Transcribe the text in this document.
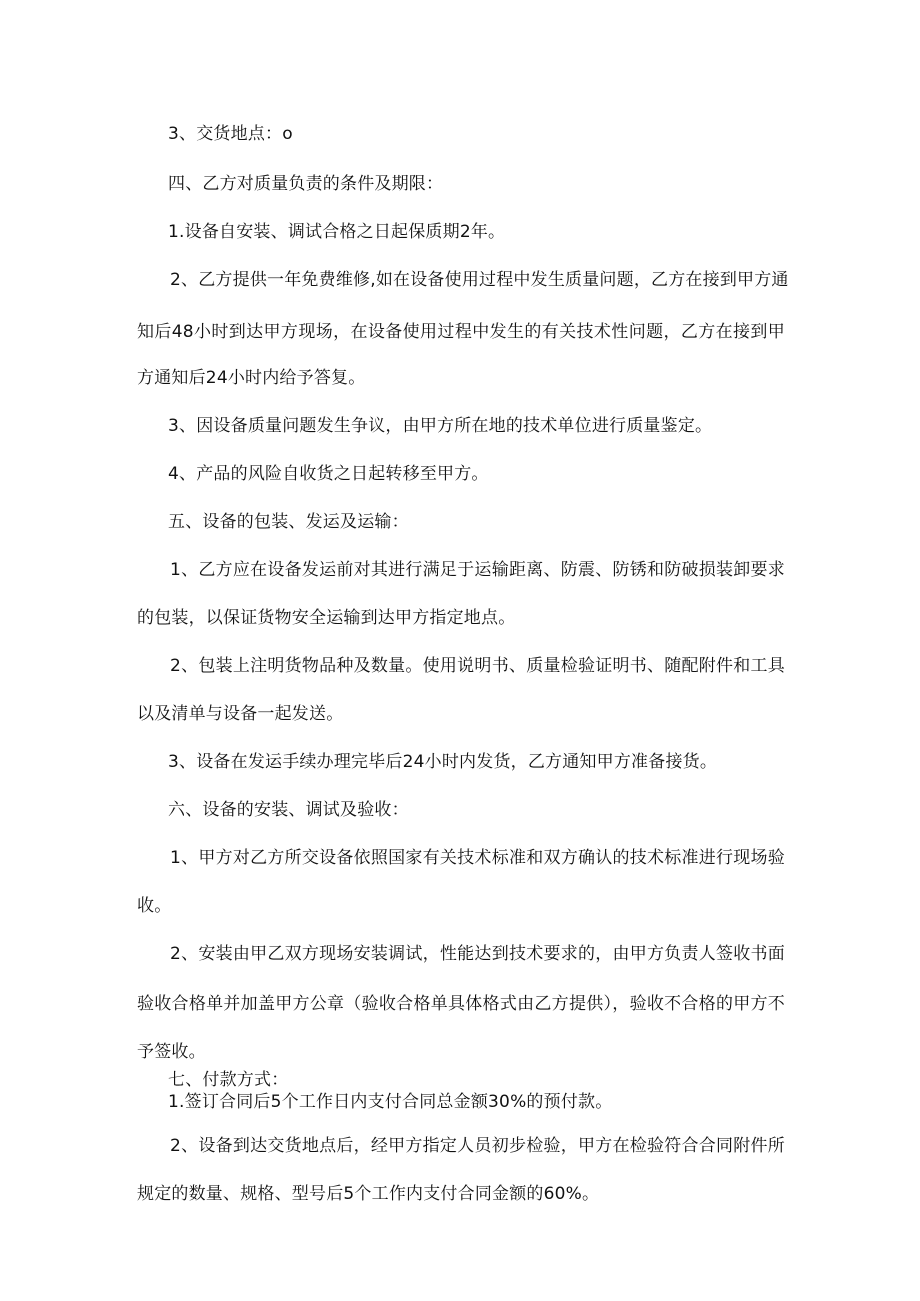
3、交货地点：o

四、乙方对质量负责的条件及期限：

1.设备自安装、调试合格之日起保质期2年。

2、乙方提供一年免费维修,如在设备使用过程中发生质量问题，乙方在接到甲方通

知后48小时到达甲方现场，在设备使用过程中发生的有关技术性问题，乙方在接到甲

方通知后24小时内给予答复。

3、因设备质量问题发生争议，由甲方所在地的技术单位进行质量鉴定。

4、产品的风险自收货之日起转移至甲方。

五、设备的包装、发运及运输：

1、乙方应在设备发运前对其进行满足于运输距离、防震、防锈和防破损装卸要求

的包装，以保证货物安全运输到达甲方指定地点。

2、包装上注明货物品种及数量。使用说明书、质量检验证明书、随配附件和工具

以及清单与设备一起发送。

3、设备在发运手续办理完毕后24小时内发货，乙方通知甲方准备接货。

六、设备的安装、调试及验收：

1、甲方对乙方所交设备依照国家有关技术标准和双方确认的技术标准进行现场验

收。

2、安装由甲乙双方现场安装调试，性能达到技术要求的，由甲方负责人签收书面

验收合格单并加盖甲方公章（验收合格单具体格式由乙方提供），验收不合格的甲方不

予签收。

七、付款方式：

1.签订合同后5个工作日内支付合同总金额30%的预付款。

2、设备到达交货地点后，经甲方指定人员初步检验，甲方在检验符合合同附件所

规定的数量、规格、型号后5个工作内支付合同金额的60%。
